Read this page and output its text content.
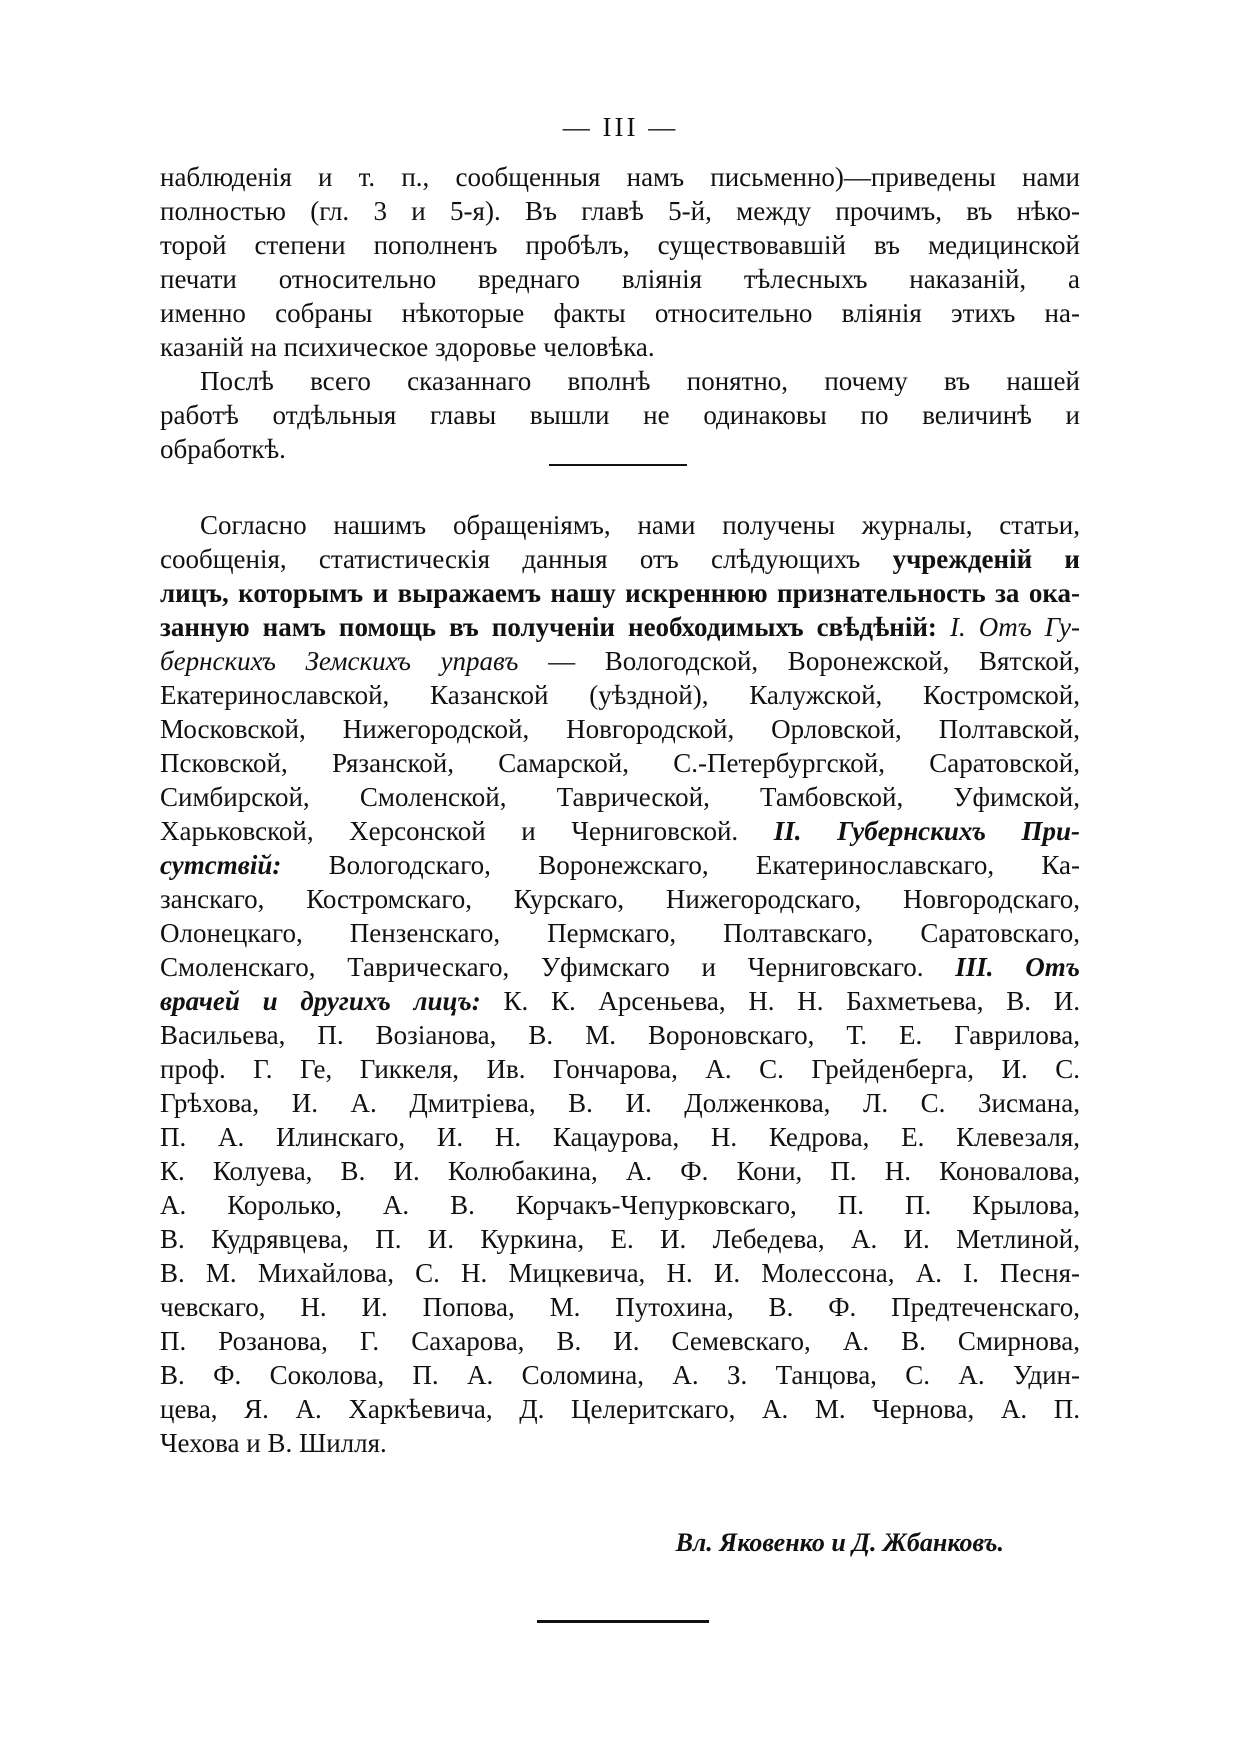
— III —
наблюденія и т. п., сообщенныя намъ письменно)—приведены нами
полностью (гл. 3 и 5-я). Въ главѣ 5-й, между прочимъ, въ нѣко-
торой степени пополненъ пробѣлъ, существовавшій въ медицинской
печати относительно вреднаго вліянія тѣлесныхъ наказаній, а
именно собраны нѣкоторые факты относительно вліянія этихъ на-
казаній на психическое здоровье человѣка.
Послѣ всего сказаннаго вполнѣ понятно, почему въ нашей
работѣ отдѣльныя главы вышли не одинаковы по величинѣ и
обработкѣ.
Согласно нашимъ обращеніямъ, нами получены журналы, статьи,
сообщенія, статистическія данныя отъ слѣдующихъ учрежденій и
лицъ, которымъ и выражаемъ нашу искреннюю признательность за ока-
занную намъ помощь въ полученіи необходимыхъ свѣдѣній: I. Отъ Гу-
бернскихъ Земскихъ управъ — Вологодской, Воронежской, Вятской,
Екатеринославской, Казанской (уѣздной), Калужской, Костромской,
Московской, Нижегородской, Новгородской, Орловской, Полтавской,
Псковской, Рязанской, Самарской, С.-Петербургской, Саратовской,
Симбирской, Смоленской, Таврической, Тамбовской, Уфимской,
Харьковской, Херсонской и Черниговской. II. Губернскихъ При-
сутствій: Вологодскаго, Воронежскаго, Екатеринославскаго, Ка-
занскаго, Костромскаго, Курскаго, Нижегородскаго, Новгородскаго,
Олонецкаго, Пензенскаго, Пермскаго, Полтавскаго, Саратовскаго,
Смоленскаго, Таврическаго, Уфимскаго и Черниговскаго. III. Отъ
врачей и другихъ лицъ: К. К. Арсеньева, Н. Н. Бахметьева, В. И.
Васильева, П. Возіанова, В. М. Вороновскаго, Т. Е. Гаврилова,
проф. Г. Ге, Гиккеля, Ив. Гончарова, А. С. Грейденберга, И. С.
Грѣхова, И. А. Дмитріева, В. И. Долженкова, Л. С. Зисмана,
П. А. Илинскаго, И. Н. Кацаурова, Н. Кедрова, Е. Клевезаля,
К. Колуева, В. И. Колюбакина, А. Ф. Кони, П. Н. Коновалова,
А. Королько, А. В. Корчакъ-Чепурковскаго, П. П. Крылова,
В. Кудрявцева, П. И. Куркина, Е. И. Лебедева, А. И. Метлиной,
В. М. Михайлова, С. Н. Мицкевича, Н. И. Молессона, А. І. Песня-
чевскаго, Н. И. Попова, М. Путохина, В. Ф. Предтеченскаго,
П. Розанова, Г. Сахарова, В. И. Семевскаго, А. В. Смирнова,
В. Ф. Соколова, П. А. Соломина, А. З. Танцова, С. А. Удин-
цева, Я. А. Харкѣевича, Д. Целеритскаго, А. М. Чернова, А. П.
Чехова и В. Шилля.
Вл. Яковенко и Д. Жбанковъ.
